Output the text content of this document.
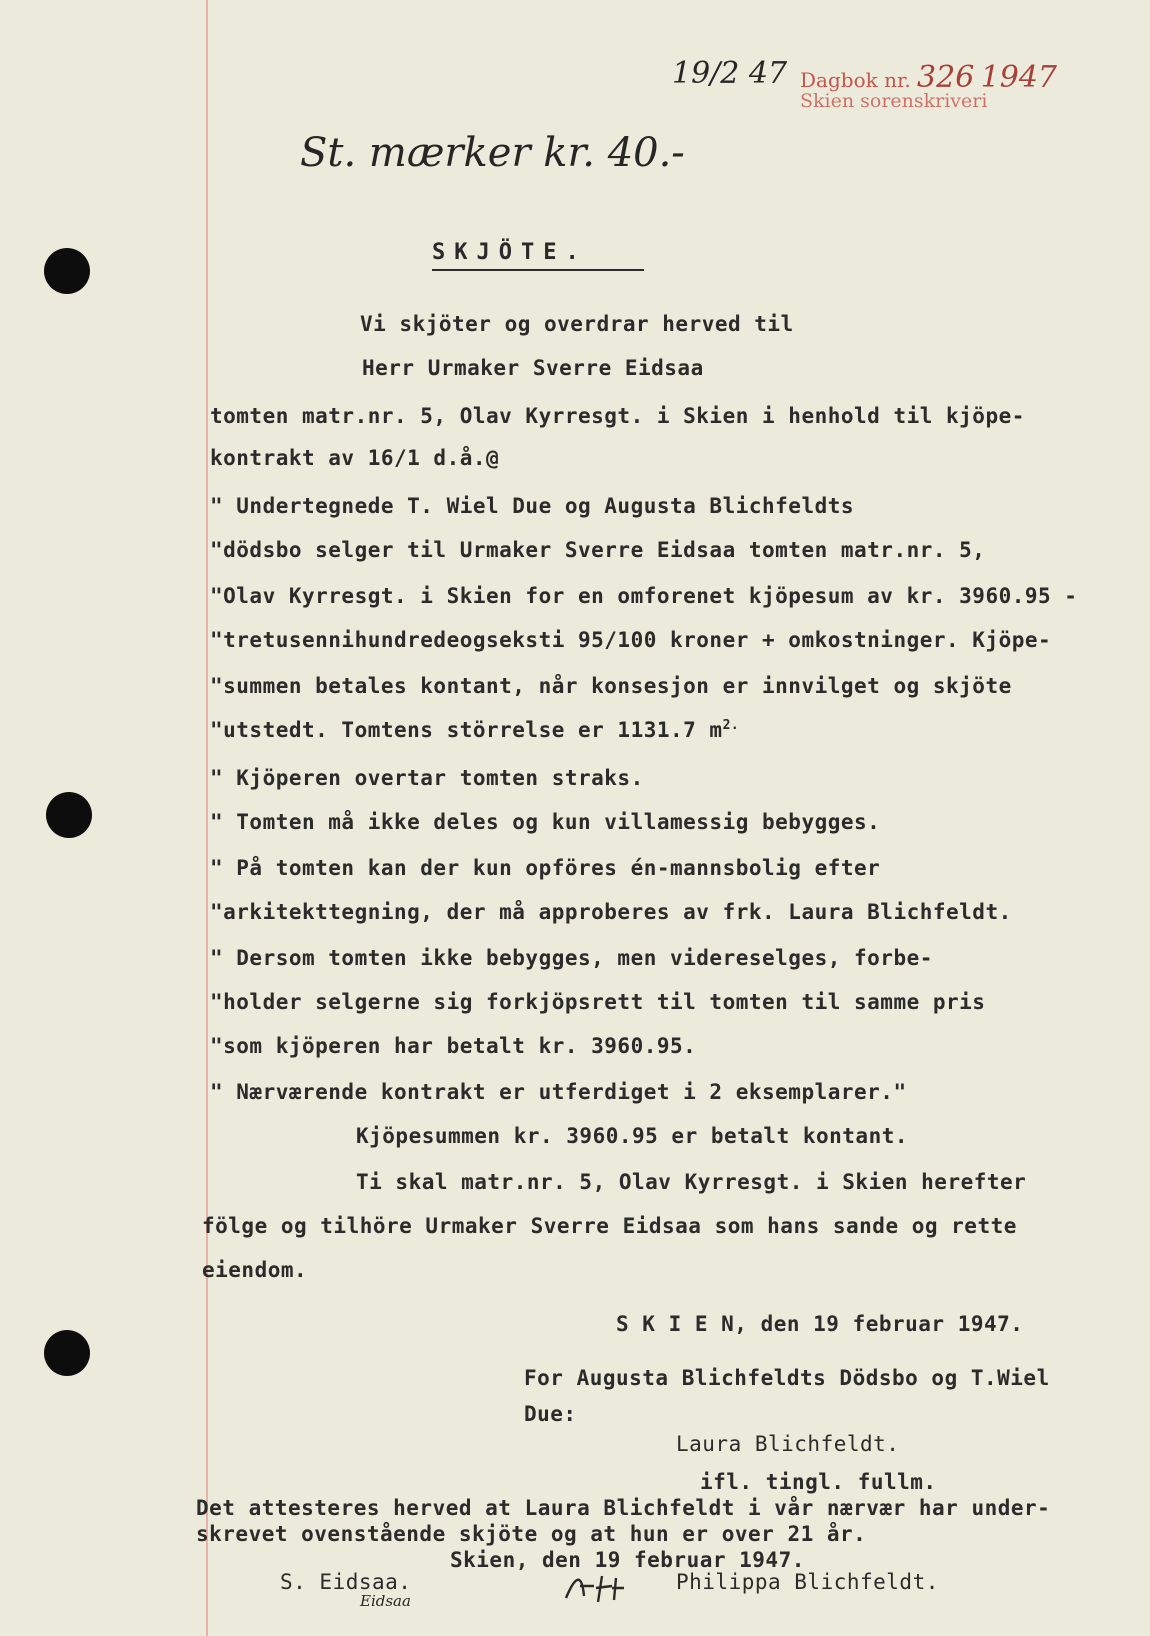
19/2 47 Dagbok nr. 326 1947
Skien sorenskriveri
St. mærker kr. 40.-
SKJÖTE.
Vi skjöter og overdrar herved til
Herr Urmaker Sverre Eidsaa
tomten matr.nr. 5, Olav Kyrresgt. i Skien i henhold til kjöpe-
kontrakt av 16/1 d.å.@
" Undertegnede T. Wiel Due og Augusta Blichfeldts
"dödsbo selger til Urmaker Sverre Eidsaa tomten matr.nr. 5,
"Olav Kyrresgt. i Skien for en omforenet kjöpesum av kr. 3960.95 -
"tretusennihundredeogseksti 95/100 kroner + omkostninger. Kjöpe-
"summen betales kontant, når konsesjon er innvilget og skjöte
"utstedt. Tomtens störrelse er 1131.7 $m^{2.}$
" Kjöperen overtar tomten straks.
" Tomten må ikke deles og kun villamessig bebygges.
" På tomten kan der kun opföres én-mannsbolig efter
"arkitekttegning, der må approberes av frk. Laura Blichfeldt.
" Dersom tomten ikke bebygges, men videreselges, forbe-
"holder selgerne sig forkjöpsrett til tomten til samme pris
"som kjöperen har betalt kr. 3960.95.
" Nærværende kontrakt er utferdiget i 2 eksemplarer."
Kjöpesummen kr. 3960.95 er betalt kontant.
Ti skal matr.nr. 5, Olav Kyrresgt. i Skien herefter
fölge og tilhöre Urmaker Sverre Eidsaa som hans sande og rette
eiendom.
S K I E N, den 19 februar 1947.
For Augusta Blichfeldts Dödsbo og T.Wiel
Due:
Laura Blichfeldt.
ifl. tingl. fullm.
Det attesteres herved at Laura Blichfeldt i vår nærvær har under-
skrevet ovenstående skjöte og at hun er over 21 år.
Skien, den 19 februar 1947.
S. Eidsaa.
Eidsaa
Philippa Blichfeldt.
